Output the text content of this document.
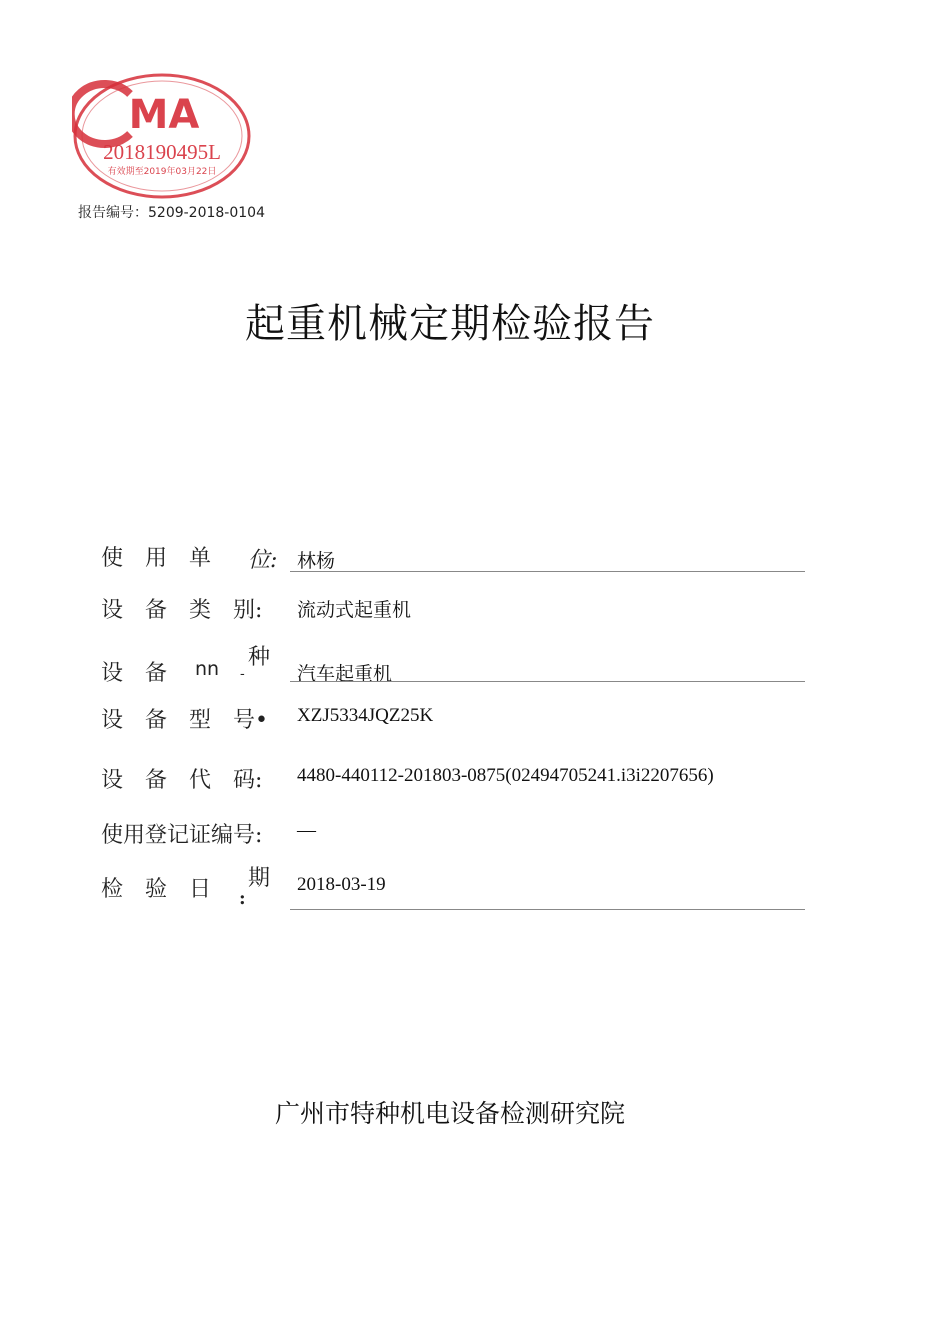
MA
2018190495L
有效期至2019年03月22日
报告编号：5209-2018-0104
起重机械定期检验报告
使　用　单　 位: 林杨
设　备　类　别: 流动式起重机
设　备　 nn 种
-	汽车起重机
设　备　型　号• XZJ5334JQZ25K
设　备　代　码: 4480-440112-201803-0875(02494705241.i3i2207656)
使用登记证编号: —
检　验　日 期
:
2018-03-19
广州市特种机电设备检测研究院
